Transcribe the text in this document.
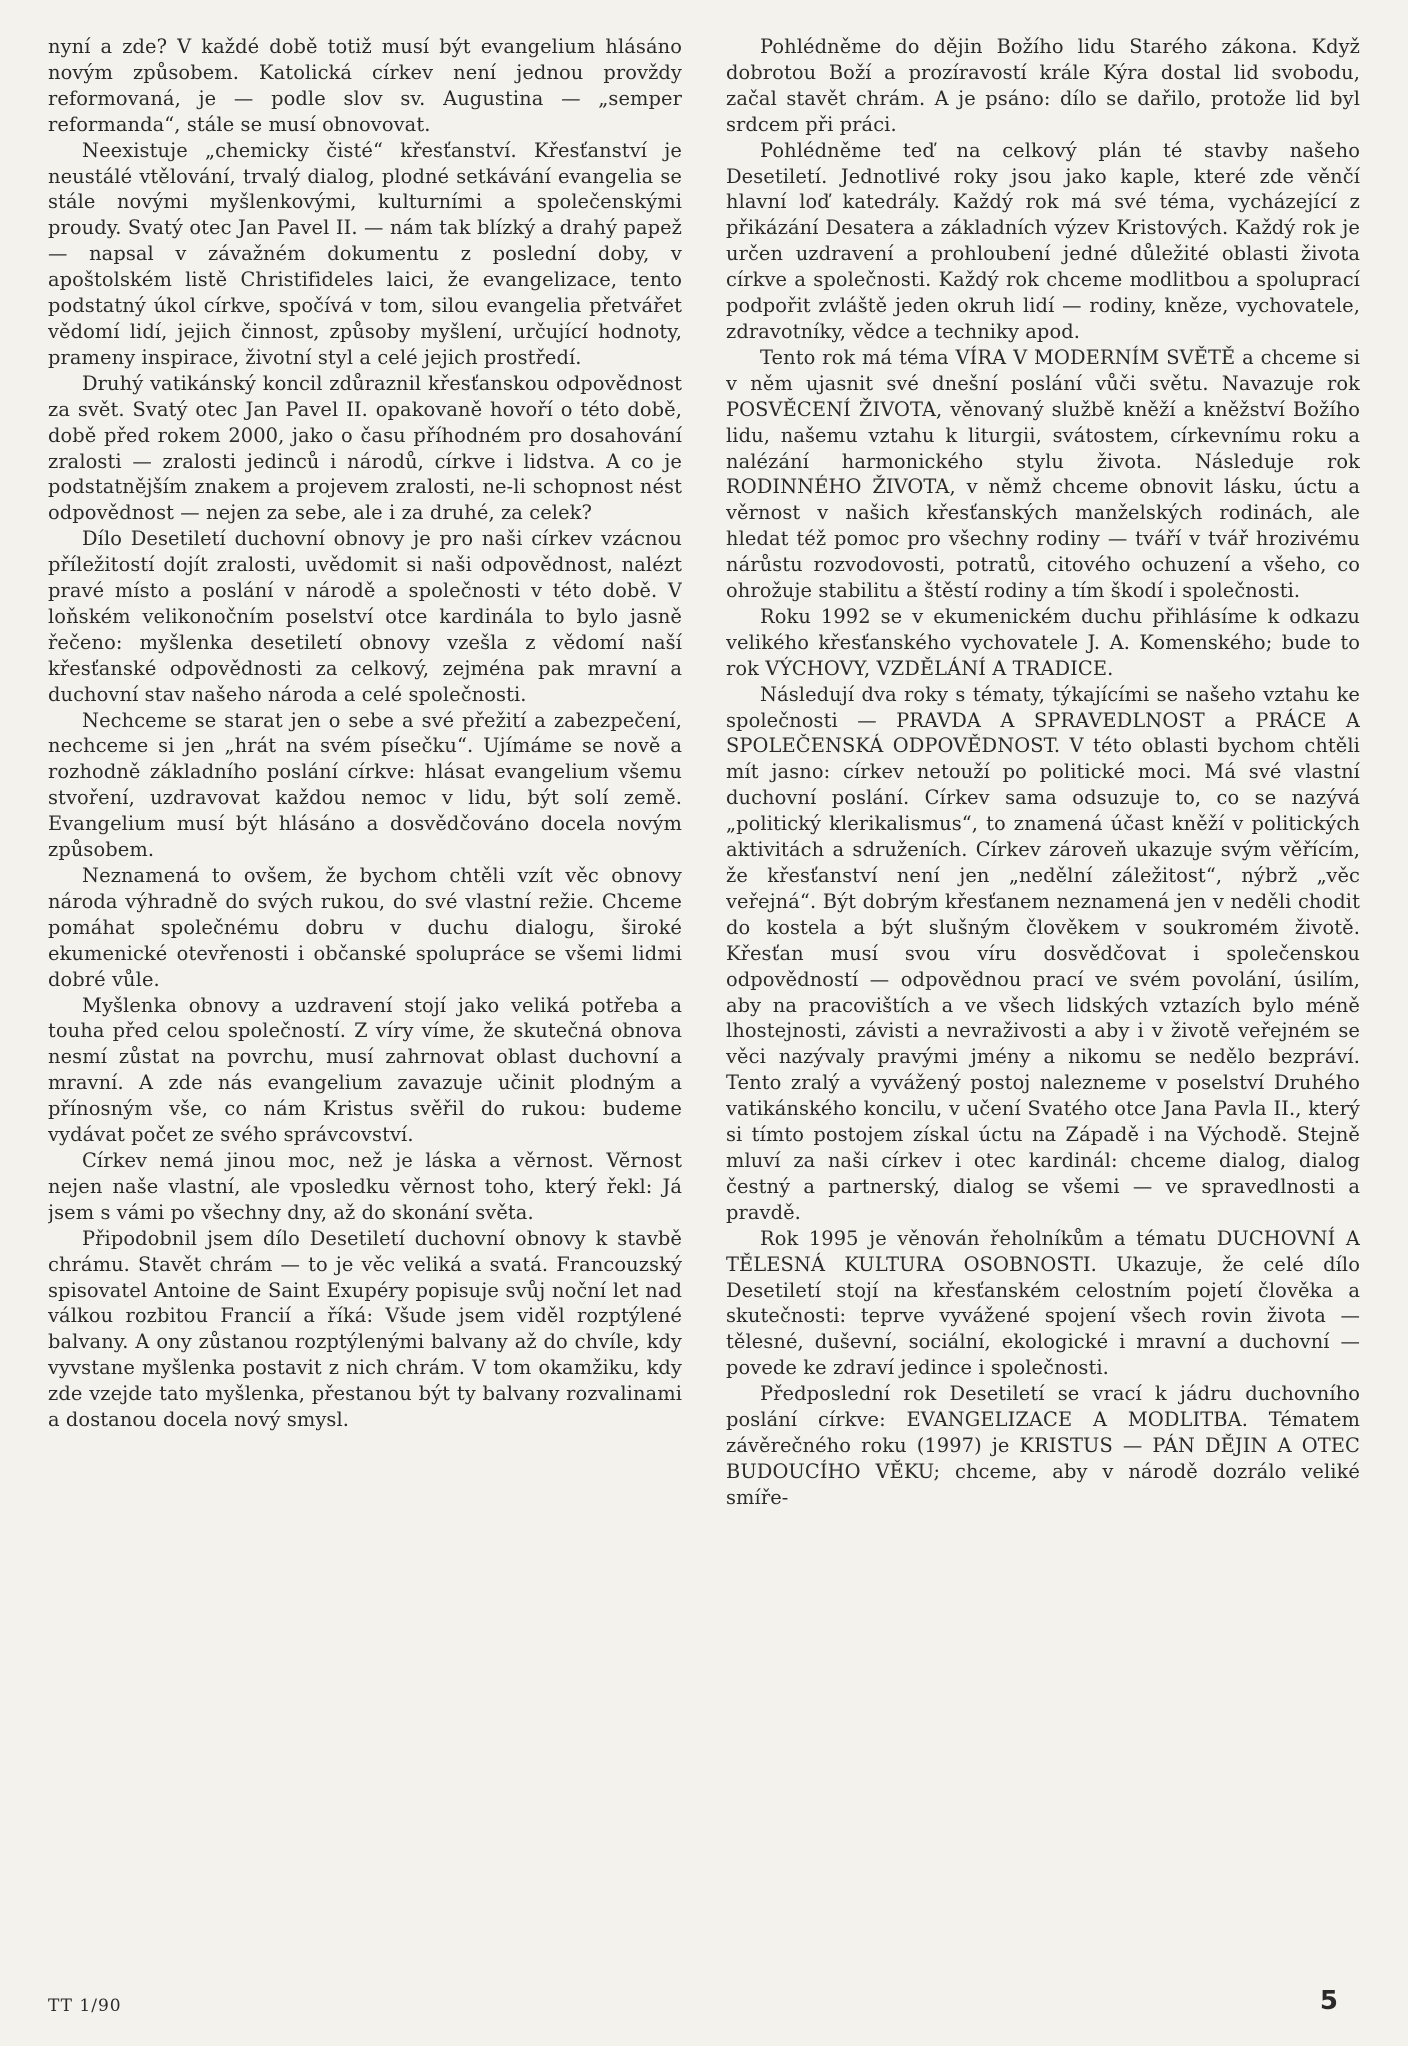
nyní a zde? V každé době totiž musí být evangelium hlásáno novým způsobem. Katolická církev není jednou provždy reformovaná, je — podle slov sv. Augustina — „semper reformanda“, stále se musí obnovovat.

Neexistuje „chemicky čisté“ křesťanství. Křesťanství je neustálé vtělování, trvalý dialog, plodné setkávání evangelia se stále novými myšlenkovými, kulturními a společenskými proudy. Svatý otec Jan Pavel II. — nám tak blízký a drahý papež — napsal v závažném dokumentu z poslední doby, v apoštolském listě Christifideles laici, že evangelizace, tento podstatný úkol církve, spočívá v tom, silou evangelia přetvářet vědomí lidí, jejich činnost, způsoby myšlení, určující hodnoty, prameny inspirace, životní styl a celé jejich prostředí.

Druhý vatikánský koncil zdůraznil křesťanskou odpovědnost za svět. Svatý otec Jan Pavel II. opakovaně hovoří o této době, době před rokem 2000, jako o času příhodném pro dosahování zralosti — zralosti jedinců i národů, církve i lidstva. A co je podstatnějším znakem a projevem zralosti, ne-li schopnost nést odpovědnost — nejen za sebe, ale i za druhé, za celek?

Dílo Desetiletí duchovní obnovy je pro naši církev vzácnou příležitostí dojít zralosti, uvědomit si naši odpovědnost, nalézt pravé místo a poslání v národě a společnosti v této době. V loňském velikonočním poselství otce kardinála to bylo jasně řečeno: myšlenka desetiletí obnovy vzešla z vědomí naší křesťanské odpovědnosti za celkový, zejména pak mravní a duchovní stav našeho národa a celé společnosti.

Nechceme se starat jen o sebe a své přežití a zabezpečení, nechceme si jen „hrát na svém písečku“. Ujímáme se nově a rozhodně základního poslání církve: hlásat evangelium všemu stvoření, uzdravovat každou nemoc v lidu, být solí země. Evangelium musí být hlásáno a dosvědčováno docela novým způsobem.

Neznamená to ovšem, že bychom chtěli vzít věc obnovy národa výhradně do svých rukou, do své vlastní režie. Chceme pomáhat společnému dobru v duchu dialogu, široké ekumenické otevřenosti i občanské spolupráce se všemi lidmi dobré vůle.

Myšlenka obnovy a uzdravení stojí jako veliká potřeba a touha před celou společností. Z víry víme, že skutečná obnova nesmí zůstat na povrchu, musí zahrnovat oblast duchovní a mravní. A zde nás evangelium zavazuje učinit plodným a přínosným vše, co nám Kristus svěřil do rukou: budeme vydávat počet ze svého správcovství.

Církev nemá jinou moc, než je láska a věrnost. Věrnost nejen naše vlastní, ale vposledku věrnost toho, který řekl: Já jsem s vámi po všechny dny, až do skonání světa.

Připodobnil jsem dílo Desetiletí duchovní obnovy k stavbě chrámu. Stavět chrám — to je věc veliká a svatá. Francouzský spisovatel Antoine de Saint Exupéry popisuje svůj noční let nad válkou rozbitou Francií a říká: Všude jsem viděl rozptýlené balvany. A ony zůstanou rozptýlenými balvany až do chvíle, kdy vyvstane myšlenka postavit z nich chrám. V tom okamžiku, kdy zde vzejde tato myšlenka, přestanou být ty balvany rozvalinami a dostanou docela nový smysl.

Pohlédněme do dějin Božího lidu Starého zákona. Když dobrotou Boží a prozíravostí krále Kýra dostal lid svobodu, začal stavět chrám. A je psáno: dílo se dařilo, protože lid byl srdcem při práci.

Pohlédněme teď na celkový plán té stavby našeho Desetiletí. Jednotlivé roky jsou jako kaple, které zde věnčí hlavní loď katedrály. Každý rok má své téma, vycházející z přikázání Desatera a základních výzev Kristových. Každý rok je určen uzdravení a prohloubení jedné důležité oblasti života církve a společnosti. Každý rok chceme modlitbou a spoluprací podpořit zvláště jeden okruh lidí — rodiny, kněze, vychovatele, zdravotníky, vědce a techniky apod.

Tento rok má téma VÍRA V MODERNÍM SVĚTĚ a chceme si v něm ujasnit své dnešní poslání vůči světu. Navazuje rok POSVĚCENÍ ŽIVOTA, věnovaný službě kněží a kněžství Božího lidu, našemu vztahu k liturgii, svátostem, církevnímu roku a nalézání harmonického stylu života. Následuje rok RODINNÉHO ŽIVOTA, v němž chceme obnovit lásku, úctu a věrnost v našich křesťanských manželských rodinách, ale hledat též pomoc pro všechny rodiny — tváří v tvář hrozivému nárůstu rozvodovosti, potratů, citového ochuzení a všeho, co ohrožuje stabilitu a štěstí rodiny a tím škodí i společnosti.

Roku 1992 se v ekumenickém duchu přihlásíme k odkazu velikého křesťanského vychovatele J. A. Komenského; bude to rok VÝCHOVY, VZDĚLÁNÍ A TRADICE.

Následují dva roky s tématy, týkajícími se našeho vztahu ke společnosti — PRAVDA A SPRAVEDLNOST a PRÁCE A SPOLEČENSKÁ ODPOVĚDNOST. V této oblasti bychom chtěli mít jasno: církev netouží po politické moci. Má své vlastní duchovní poslání. Církev sama odsuzuje to, co se nazývá „politický klerikalismus“, to znamená účast kněží v politických aktivitách a sdruženích. Církev zároveň ukazuje svým věřícím, že křesťanství není jen „nedělní záležitost“, nýbrž „věc veřejná“. Být dobrým křesťanem neznamená jen v neděli chodit do kostela a být slušným člověkem v soukromém životě. Křesťan musí svou víru dosvědčovat i společenskou odpovědností — odpovědnou prací ve svém povolání, úsilím, aby na pracovištích a ve všech lidských vztazích bylo méně lhostejnosti, závisti a nevraživosti a aby i v životě veřejném se věci nazývaly pravými jmény a nikomu se nedělo bezpráví. Tento zralý a vyvážený postoj nalezneme v poselství Druhého vatikánského koncilu, v učení Svatého otce Jana Pavla II., který si tímto postojem získal úctu na Západě i na Východě. Stejně mluví za naši církev i otec kardinál: chceme dialog, dialog čestný a partnerský, dialog se všemi — ve spravedlnosti a pravdě.

Rok 1995 je věnován řeholníkům a tématu DUCHOVNÍ A TĚLESNÁ KULTURA OSOBNOSTI. Ukazuje, že celé dílo Desetiletí stojí na křesťanském celostním pojetí člověka a skutečnosti: teprve vyvážené spojení všech rovin života — tělesné, duševní, sociální, ekologické i mravní a duchovní — povede ke zdraví jedince i společnosti.

Předposlední rok Desetiletí se vrací k jádru duchovního poslání církve: EVANGELIZACE A MODLITBA. Tématem závěrečného roku (1997) je KRISTUS — PÁN DĚJIN A OTEC BUDOUCÍHO VĚKU; chceme, aby v národě dozrálo veliké smíře-

TT 1/90	5
